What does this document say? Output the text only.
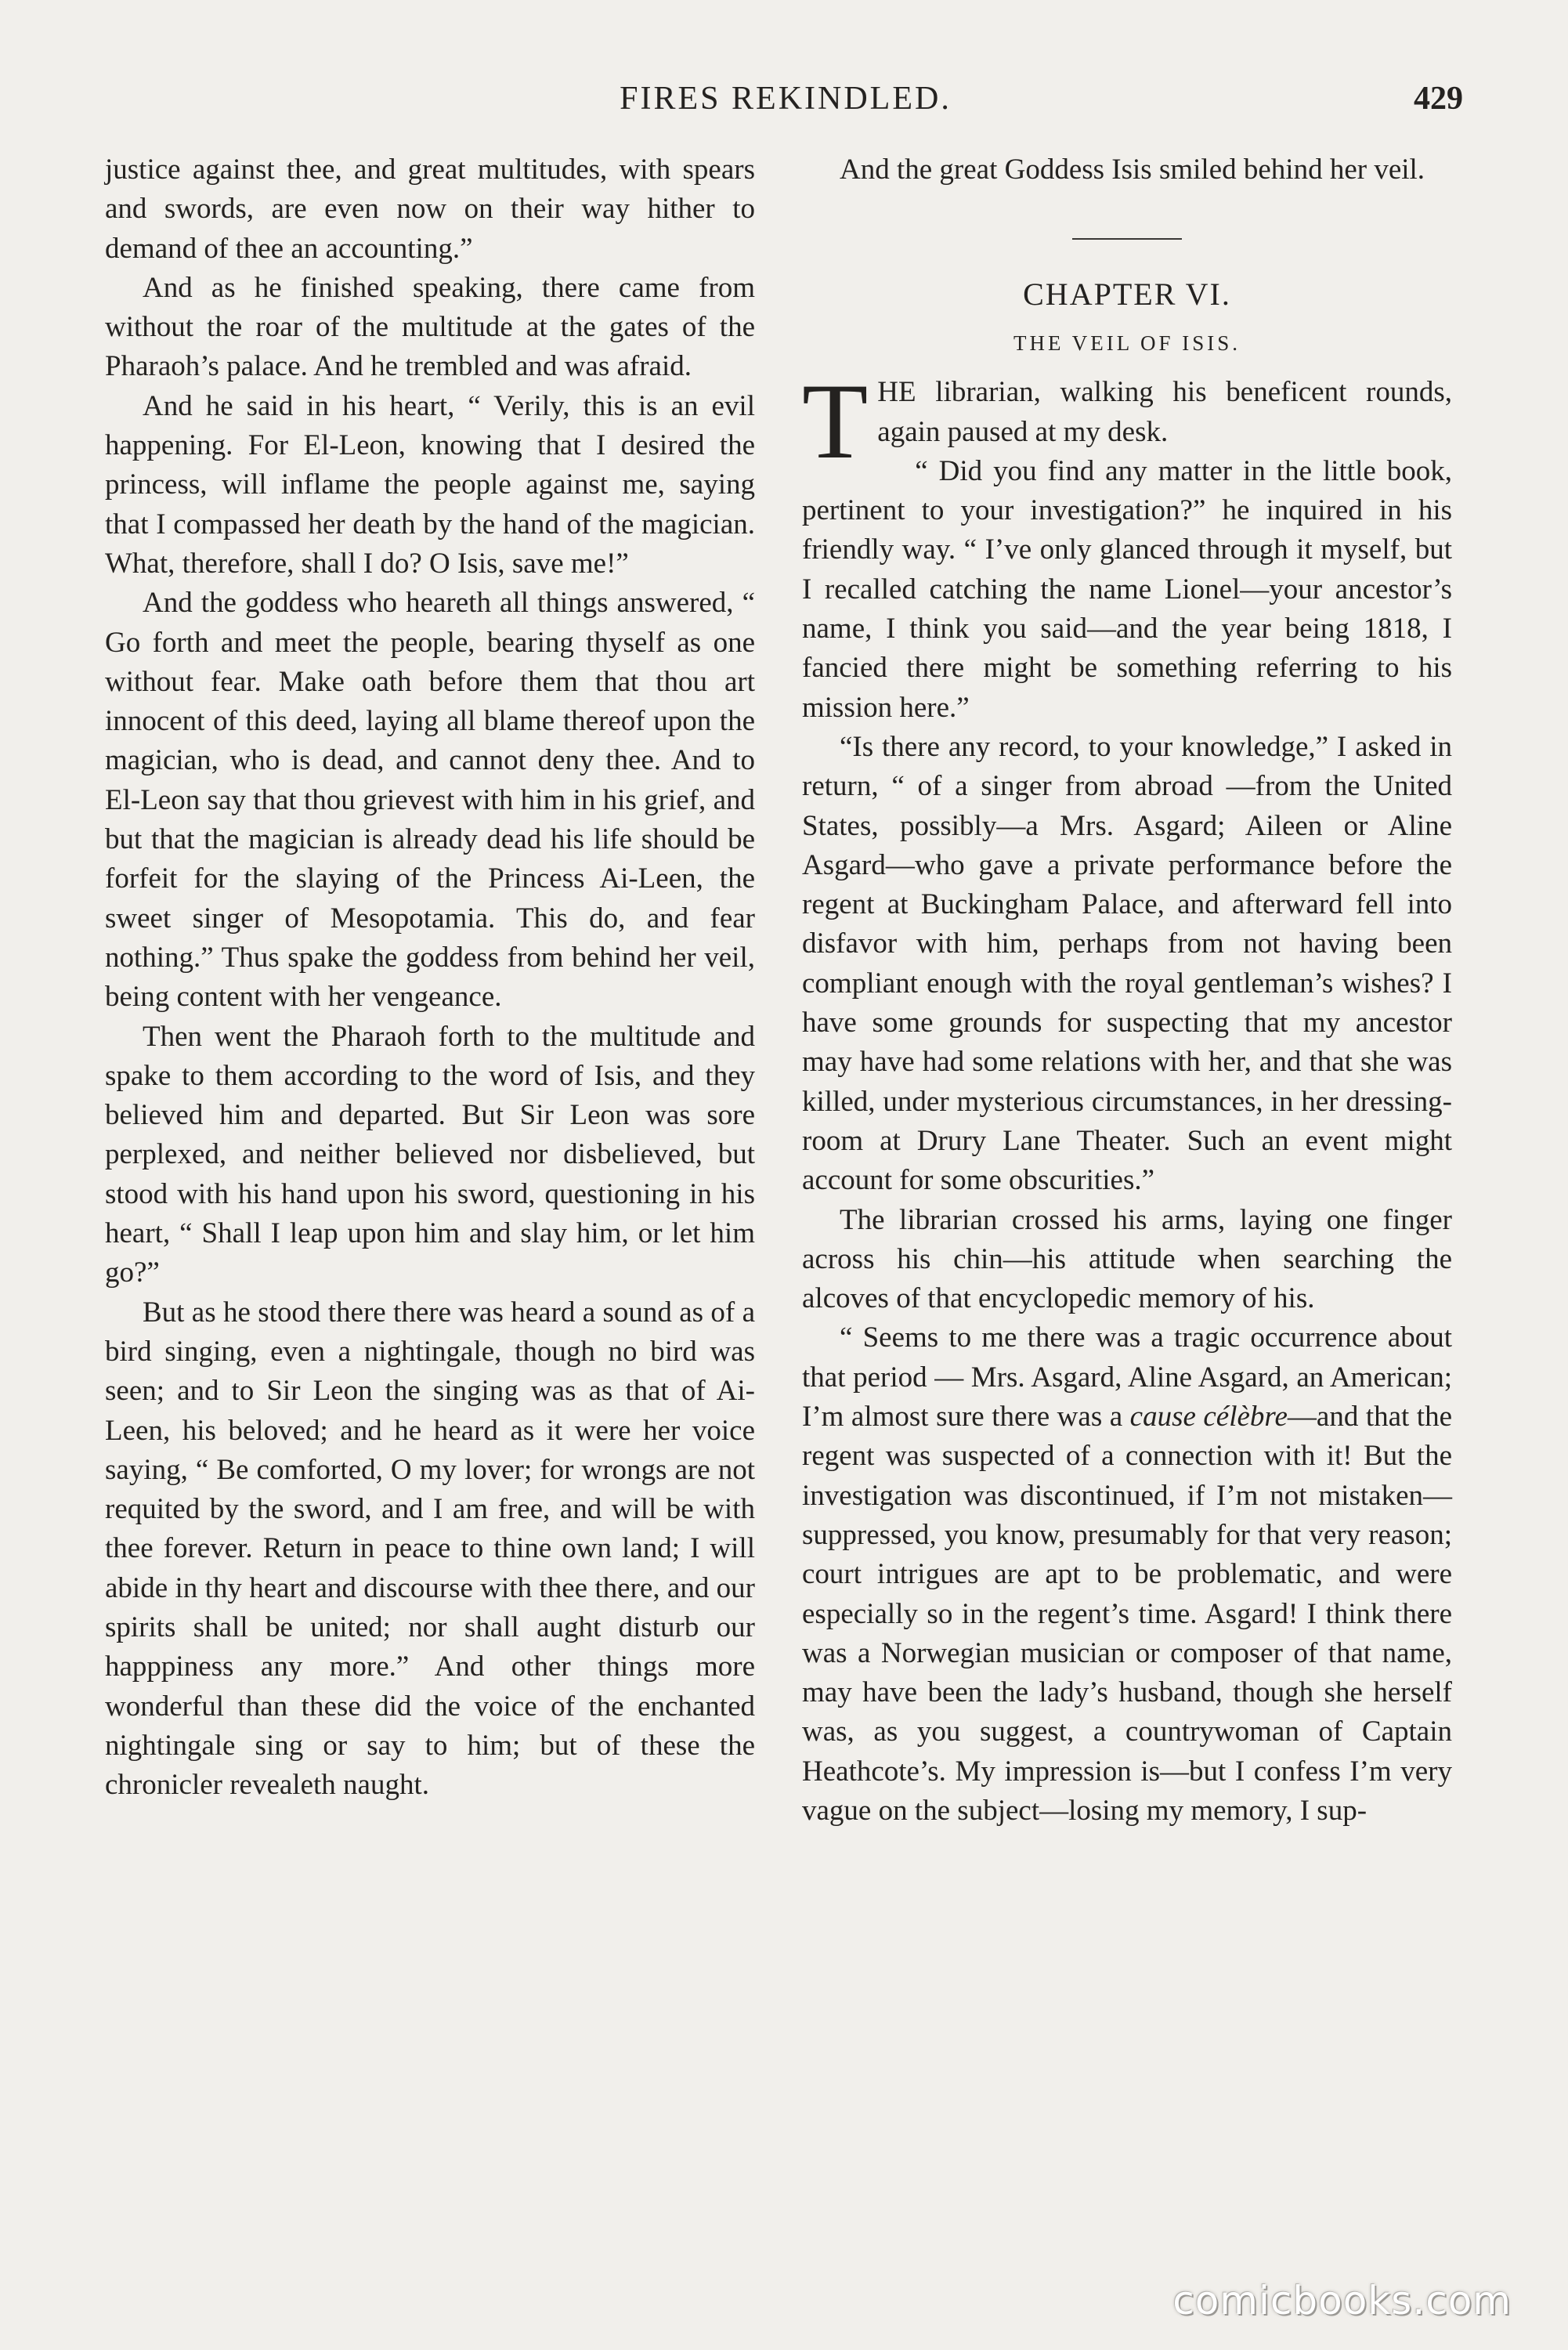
FIRES REKINDLED.	429

justice against thee, and great multitudes, with spears and swords, are even now on their way hither to demand of thee an accounting.”

And as he finished speaking, there came from without the roar of the multitude at the gates of the Pharaoh’s palace. And he trembled and was afraid.

And he said in his heart, “ Verily, this is an evil happening. For El-Leon, knowing that I desired the princess, will inflame the people against me, saying that I compassed her death by the hand of the magician. What, therefore, shall I do? O Isis, save me!”

And the goddess who heareth all things answered, “ Go forth and meet the people, bearing thyself as one without fear. Make oath before them that thou art innocent of this deed, laying all blame thereof upon the magician, who is dead, and cannot deny thee. And to El-Leon say that thou grievest with him in his grief, and but that the magician is already dead his life should be forfeit for the slaying of the Princess Ai-Leen, the sweet singer of Mesopotamia. This do, and fear nothing.” Thus spake the goddess from behind her veil, being content with her vengeance.

Then went the Pharaoh forth to the multitude and spake to them according to the word of Isis, and they believed him and departed. But Sir Leon was sore perplexed, and neither believed nor disbelieved, but stood with his hand upon his sword, questioning in his heart, “ Shall I leap upon him and slay him, or let him go?”

But as he stood there there was heard a sound as of a bird singing, even a nightingale, though no bird was seen; and to Sir Leon the singing was as that of Ai-Leen, his beloved; and he heard as it were her voice saying, “ Be comforted, O my lover; for wrongs are not requited by the sword, and I am free, and will be with thee forever. Return in peace to thine own land; I will abide in thy heart and discourse with thee there, and our spirits shall be united; nor shall aught disturb our happpiness any more.” And other things more wonderful than these did the voice of the enchanted nightingale sing or say to him; but of these the chronicler revealeth naught.

And the great Goddess Isis smiled behind her veil.

CHAPTER VI.
THE VEIL OF ISIS.

THE librarian, walking his beneficent rounds, again paused at my desk.

“ Did you find any matter in the little book, pertinent to your investigation?” he inquired in his friendly way. “ I’ve only glanced through it myself, but I recalled catching the name Lionel—your ancestor’s name, I think you said—and the year being 1818, I fancied there might be something referring to his mission here.”

“Is there any record, to your knowledge,” I asked in return, “ of a singer from abroad —from the United States, possibly—a Mrs. Asgard; Aileen or Aline Asgard—who gave a private performance before the regent at Buckingham Palace, and afterward fell into disfavor with him, perhaps from not having been compliant enough with the royal gentleman’s wishes? I have some grounds for suspecting that my ancestor may have had some relations with her, and that she was killed, under mysterious circumstances, in her dressing-room at Drury Lane Theater. Such an event might account for some obscurities.”

The librarian crossed his arms, laying one finger across his chin—his attitude when searching the alcoves of that encyclopedic memory of his.

“ Seems to me there was a tragic occurrence about that period — Mrs. Asgard, Aline Asgard, an American; I’m almost sure there was a cause célèbre—and that the regent was suspected of a connection with it! But the investigation was discontinued, if I’m not mistaken—suppressed, you know, presumably for that very reason; court intrigues are apt to be problematic, and were especially so in the regent’s time. Asgard! I think there was a Norwegian musician or composer of that name, may have been the lady’s husband, though she herself was, as you suggest, a countrywoman of Captain Heathcote’s. My impression is—but I confess I’m very vague on the subject—losing my memory, I sup-

comicbooks.com
